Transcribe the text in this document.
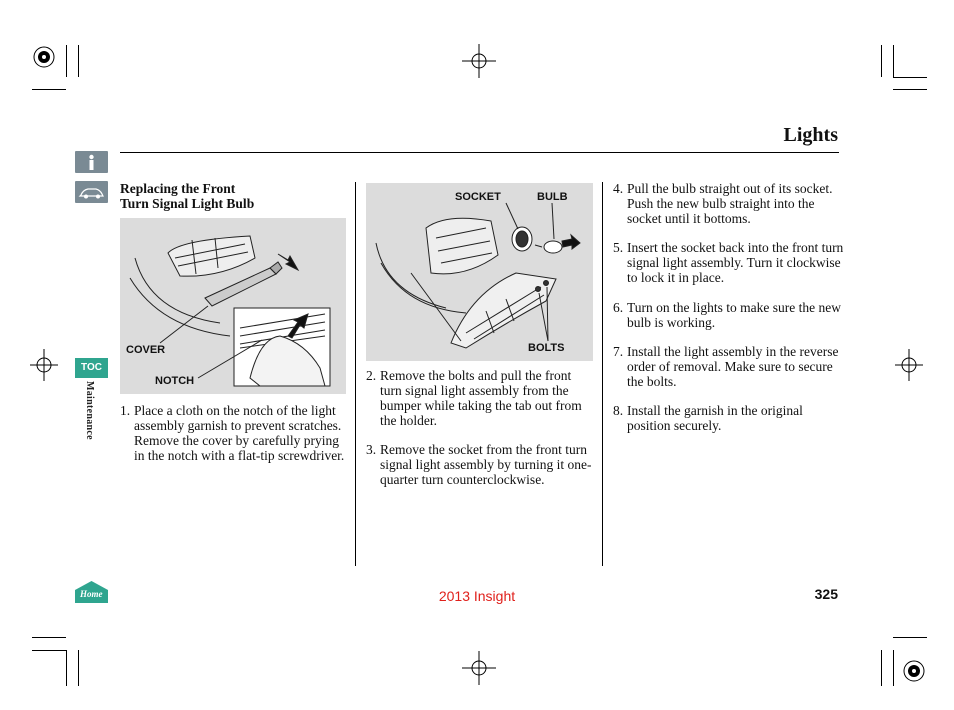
TOC
Maintenance
Home
Lights
Replacing the Front
Turn Signal Light Bulb
COVER
NOTCH
SOCKET	BULB
BOLTS
1. Place a cloth on the notch of the light assembly garnish to prevent scratches. Remove the cover by carefully prying in the notch with a flat-tip screwdriver.
2. Remove the bolts and pull the front turn signal light assembly from the bumper while taking the tab out from the holder.
3. Remove the socket from the front turn signal light assembly by turning it one-quarter turn counterclockwise.
4. Pull the bulb straight out of its socket. Push the new bulb straight into the socket until it bottoms.
5. Insert the socket back into the front turn signal light assembly. Turn it clockwise to lock it in place.
6. Turn on the lights to make sure the new bulb is working.
7. Install the light assembly in the reverse order of removal. Make sure to secure the bolts.
8. Install the garnish in the original position securely.
2013 Insight	325
